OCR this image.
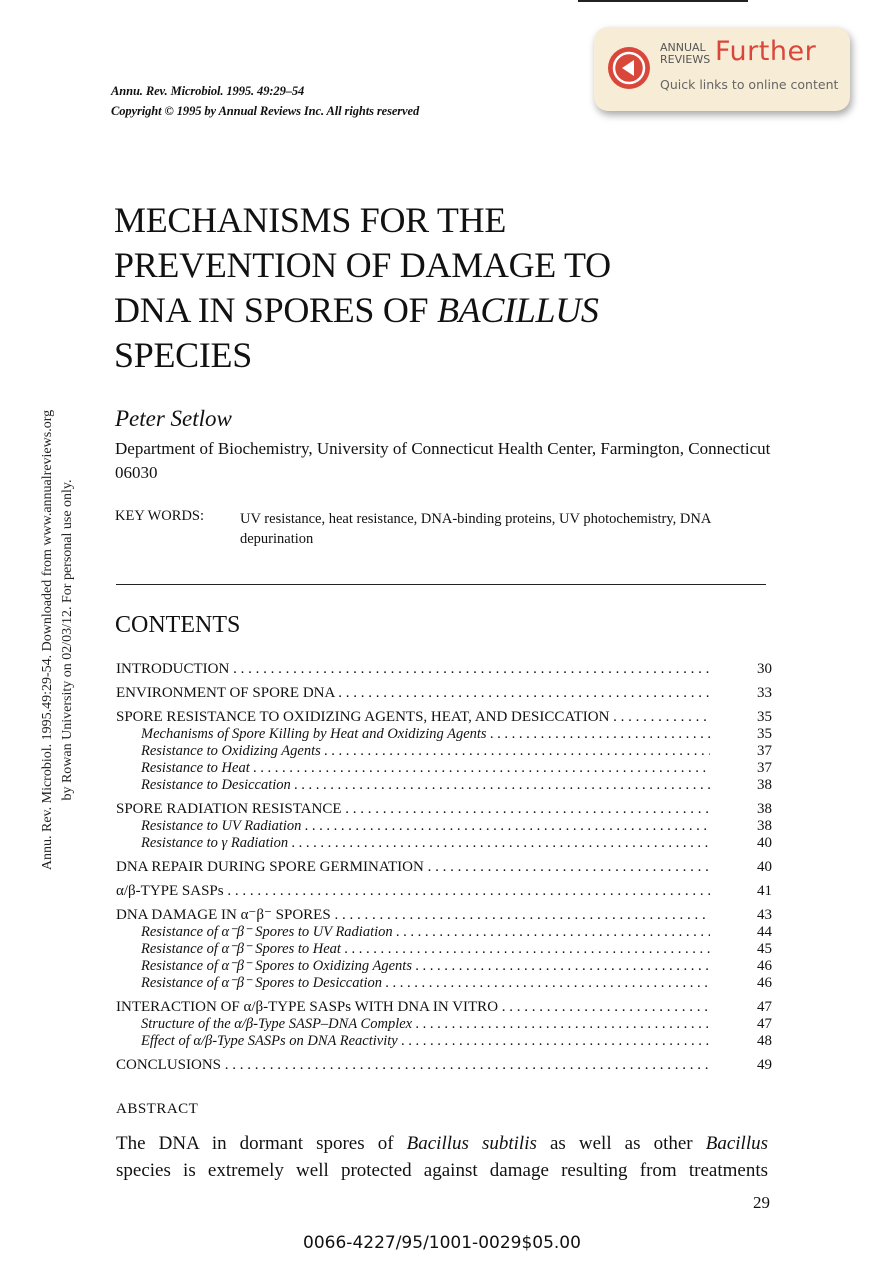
Annu. Rev. Microbiol. 1995. 49:29–54
Copyright © 1995 by Annual Reviews Inc. All rights reserved
ANNUAL
REVIEWS Further
Quick links to online content
Annu. Rev. Microbiol. 1995.49:29-54. Downloaded from www.annualreviews.org by Rowan University on 02/03/12. For personal use only.
MECHANISMS FOR THE
PREVENTION OF DAMAGE TO
DNA IN SPORES OF BACILLUS
SPECIES
Peter Setlow
Department of Biochemistry, University of Connecticut Health Center, Farmington, Connecticut 06030
KEY WORDS: UV resistance, heat resistance, DNA-binding proteins, UV photochemistry, DNA depurination
CONTENTS
INTRODUCTION . . .	30
ENVIRONMENT OF SPORE DNA . . .	33
SPORE RESISTANCE TO OXIDIZING AGENTS, HEAT, AND DESICCATION . . .	35
Mechanisms of Spore Killing by Heat and Oxidizing Agents . . .	35
Resistance to Oxidizing Agents . . .	37
Resistance to Heat . . .	37
Resistance to Desiccation . . .	38
SPORE RADIATION RESISTANCE . . .	38
Resistance to UV Radiation . . .	38
Resistance to γ Radiation . . .	40
DNA REPAIR DURING SPORE GERMINATION . . .	40
α/β-TYPE SASPs . . .	41
DNA DAMAGE IN α⁻β⁻ SPORES . . .	43
Resistance of α⁻β⁻ Spores to UV Radiation . . .	44
Resistance of α⁻β⁻ Spores to Heat . . .	45
Resistance of α⁻β⁻ Spores to Oxidizing Agents . . .	46
Resistance of α⁻β⁻ Spores to Desiccation . . .	46
INTERACTION OF α/β-TYPE SASPs WITH DNA IN VITRO . . .	47
Structure of the α/β-Type SASP–DNA Complex . . .	47
Effect of α/β-Type SASPs on DNA Reactivity . . .	48
CONCLUSIONS . . .	49
ABSTRACT
The DNA in dormant spores of Bacillus subtilis as well as other Bacillus
species is extremely well protected against damage resulting from treatments
29
0066-4227/95/1001-0029$05.00
